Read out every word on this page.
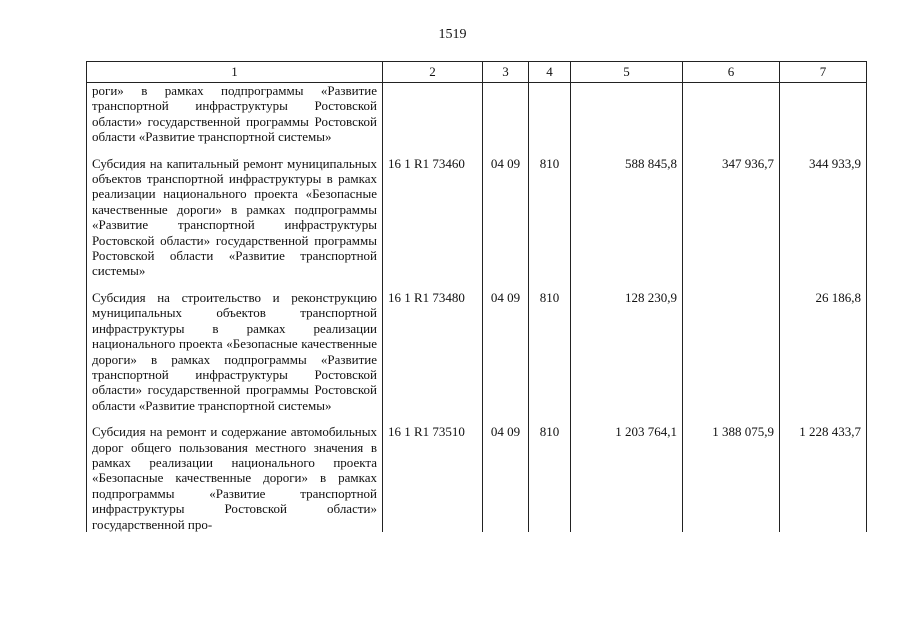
1519
1	2	3	4	5	6	7
роги» в рамках подпрограммы «Развитие транспортной инфраструктуры Ростовской области» государственной программы Ростовской области «Развитие транспортной системы»						
Субсидия на капитальный ремонт муниципальных объектов транспортной инфраструктуры в рамках реализации национального проекта «Безопасные качественные дороги» в рамках подпрограммы «Развитие транспортной инфраструктуры Ростовской области» государственной программы Ростовской области «Развитие транспортной системы»	16 1 R1 73460	04 09	810	588 845,8	347 936,7	344 933,9
Субсидия на строительство и реконструкцию муниципальных объектов транспортной инфраструктуры в рамках реализации национального проекта «Безопасные качественные дороги» в рамках подпрограммы «Развитие транспортной инфраструктуры Ростовской области» государственной программы Ростовской области «Развитие транспортной системы»	16 1 R1 73480	04 09	810	128 230,9		26 186,8
Субсидия на ремонт и содержание автомобильных дорог общего пользования местного значения в рамках реализации национального проекта «Безопасные качественные дороги» в рамках подпрограммы «Развитие транспортной инфраструктуры Ростовской области» государственной про-	16 1 R1 73510	04 09	810	1 203 764,1	1 388 075,9	1 228 433,7
